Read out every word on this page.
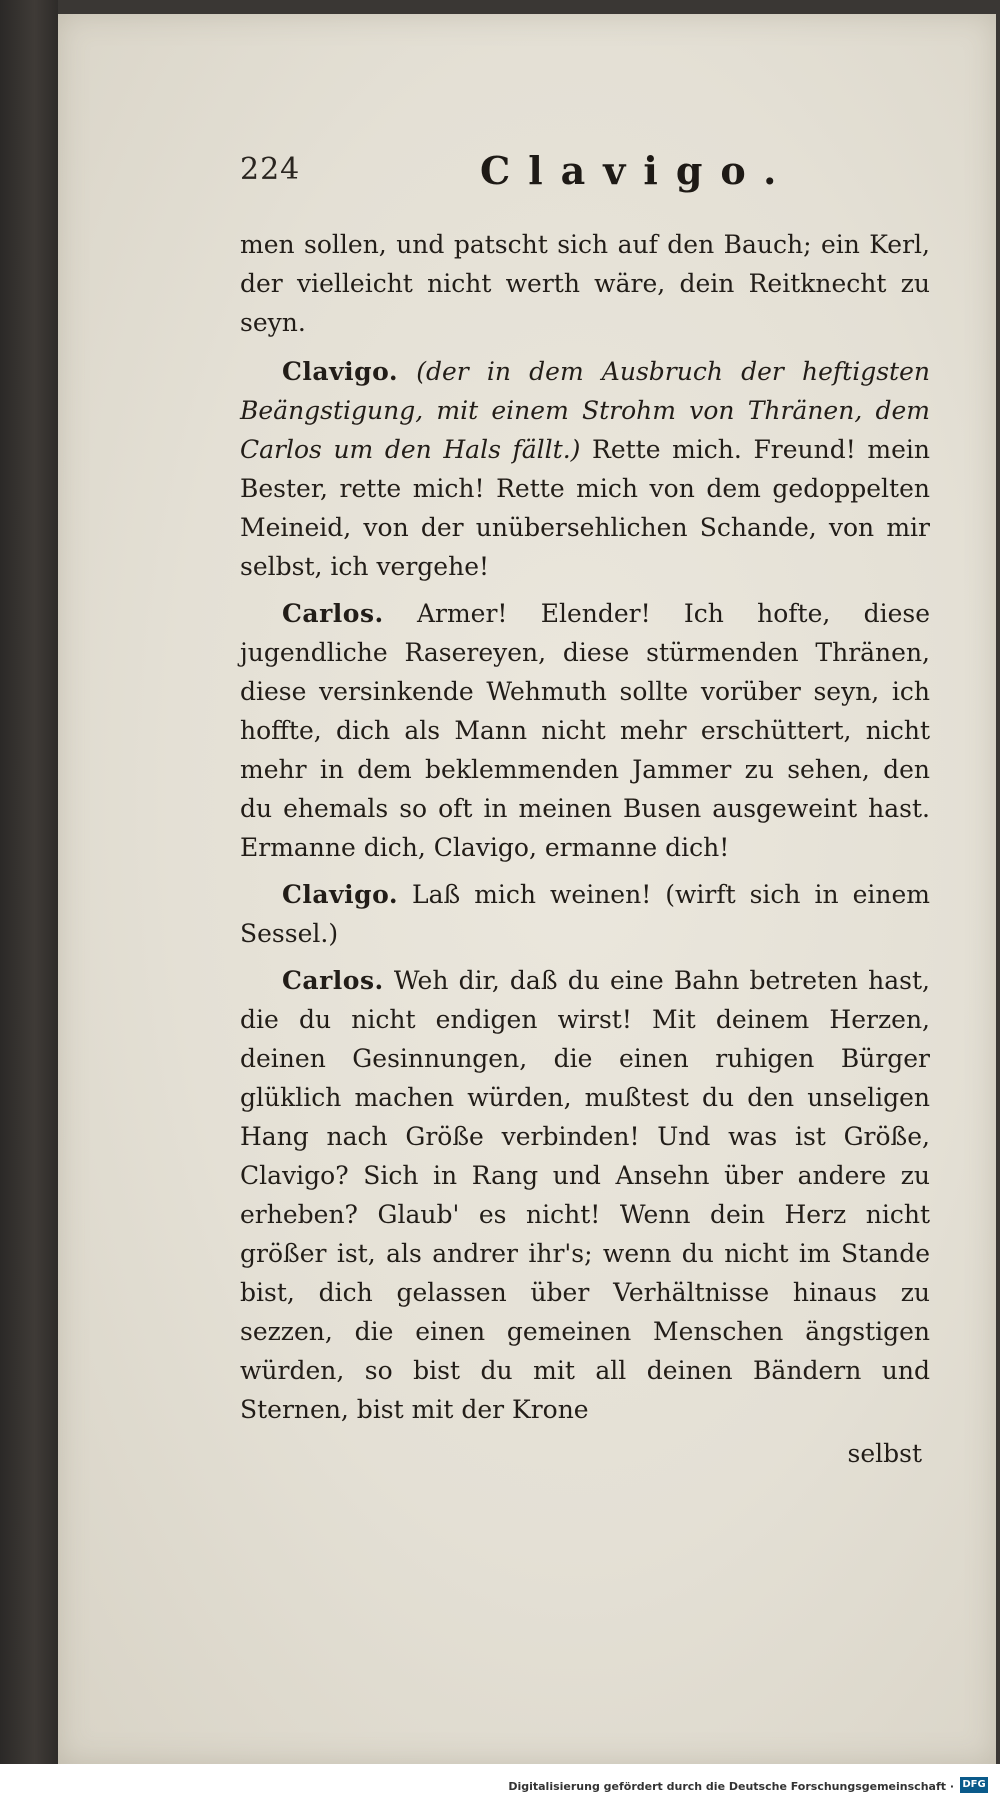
224	Clavigo.

men sollen, und patscht sich auf den Bauch; ein Kerl, der vielleicht nicht werth wäre, dein Reitknecht zu seyn.

Clavigo. (der in dem Ausbruch der heftigsten Beängstigung, mit einem Strohm von Thränen, dem Carlos um den Hals fällt.) Rette mich. Freund! mein Bester, rette mich! Rette mich von dem gedoppelten Meineid, von der unübersehlichen Schande, von mir selbst, ich vergehe!

Carlos. Armer! Elender! Ich hofte, diese jugendliche Rasereyen, diese stürmenden Thränen, diese versinkende Wehmuth sollte vorüber seyn, ich hoffte, dich als Mann nicht mehr erschüttert, nicht mehr in dem beklemmenden Jammer zu sehen, den du ehemals so oft in meinen Busen ausgeweint hast. Ermanne dich, Clavigo, ermanne dich!

Clavigo. Laß mich weinen! (wirft sich in einem Sessel.)

Carlos. Weh dir, daß du eine Bahn betreten hast, die du nicht endigen wirst! Mit deinem Herzen, deinen Gesinnungen, die einen ruhigen Bürger glüklich machen würden, mußtest du den unseligen Hang nach Größe verbinden! Und was ist Größe, Clavigo? Sich in Rang und Ansehn über andere zu erheben? Glaub' es nicht! Wenn dein Herz nicht größer ist, als andrer ihr's; wenn du nicht im Stande bist, dich gelassen über Verhältnisse hinaus zu sezzen, die einen gemeinen Menschen ängstigen würden, so bist du mit all deinen Bändern und Sternen, bist mit der Krone

selbst

Digitalisierung gefördert durch die Deutsche Forschungsgemeinschaft · DFG
